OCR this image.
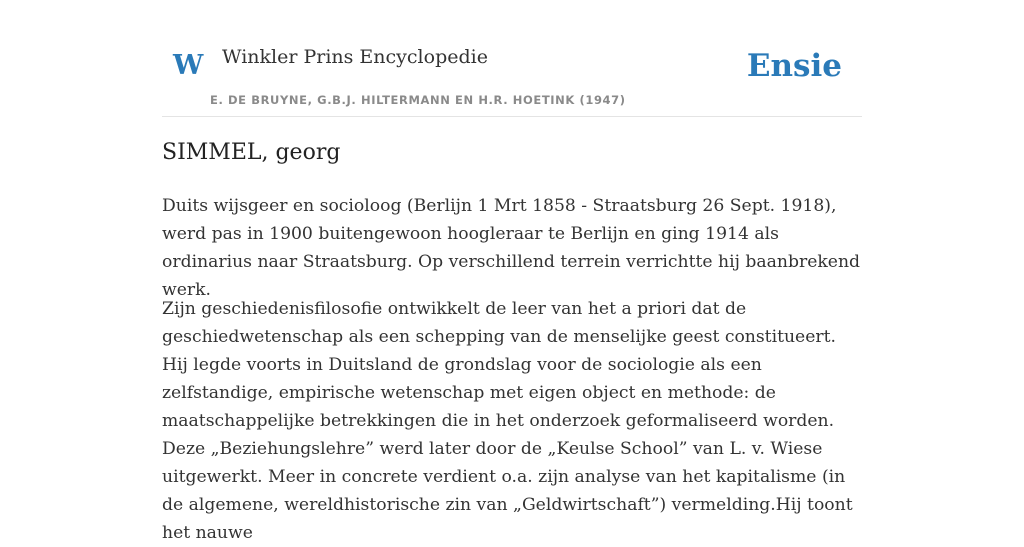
W Winkler Prins Encyclopedie
E. DE BRUYNE, G.B.J. HILTERMANN EN H.R. HOETINK (1947)
Ensie
SIMMEL, georg

Duits wijsgeer en socioloog (Berlijn 1 Mrt 1858 - Straatsburg 26 Sept. 1918), werd pas in 1900 buitengewoon hoogleraar te Berlijn en ging 1914 als ordinarius naar Straatsburg. Op verschillend terrein verrichtte hij baanbrekend werk.

Zijn geschiedenisfilosofie ontwikkelt de leer van het a priori dat de geschiedwetenschap als een schepping van de menselijke geest constitueert. Hij legde voorts in Duitsland de grondslag voor de sociologie als een zelfstandige, empirische wetenschap met eigen object en methode: de maatschappelijke betrekkingen die in het onderzoek geformaliseerd worden. Deze „Beziehungslehre” werd later door de „Keulse School” van L. v. Wiese uitgewerkt. Meer in concrete verdient o.a. zijn analyse van het kapitalisme (in de algemene, wereldhistorische zin van „Geldwirtschaft”) vermelding.Hij toont het nauwe
